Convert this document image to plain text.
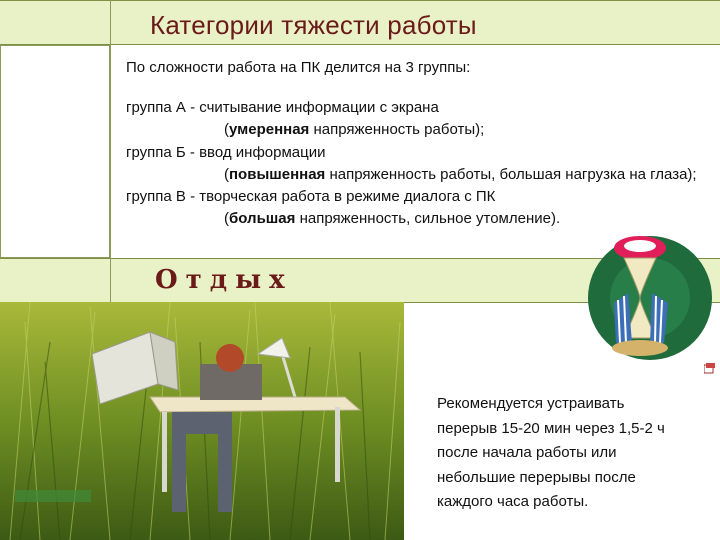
Категории тяжести работы
По сложности работа на ПК делится на 3 группы:
группа А - считывание информации с экрана
(умеренная напряженность работы);
группа Б - ввод информации
(повышенная напряженность работы, большая нагрузка на глаза);
группа В - творческая работа в режиме диалога с ПК
(большая напряженность, сильное утомление).
Отдых
Рекомендуется устраивать
перерыв 15-20 мин через 1,5-2 ч
после начала работы или
небольшие перерывы после
каждого часа работы.
